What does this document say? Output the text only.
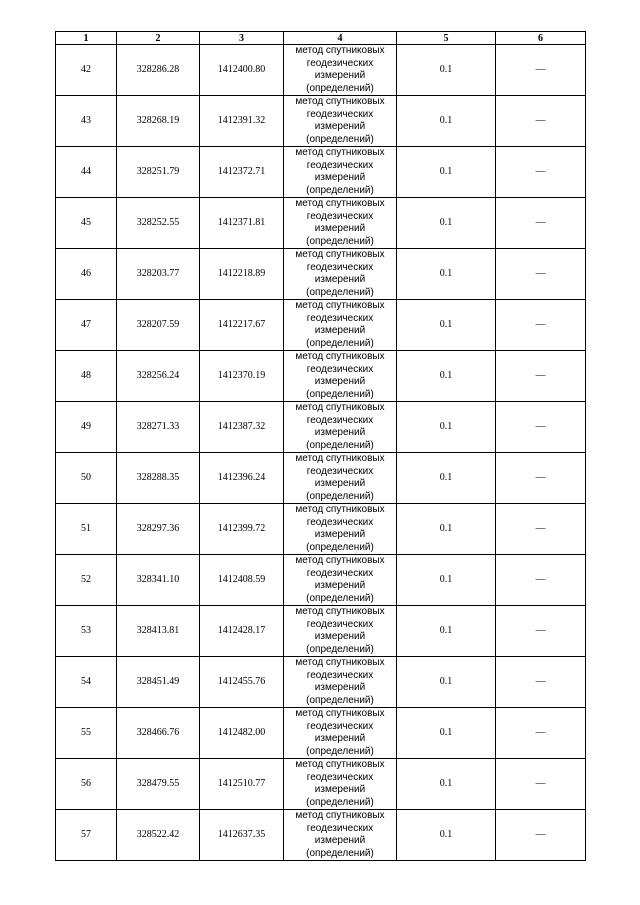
1	2	3	4	5	6
42	328286.28	1412400.80	метод спутниковых геодезических измерений (определений)	0.1	—
43	328268.19	1412391.32	метод спутниковых геодезических измерений (определений)	0.1	—
44	328251.79	1412372.71	метод спутниковых геодезических измерений (определений)	0.1	—
45	328252.55	1412371.81	метод спутниковых геодезических измерений (определений)	0.1	—
46	328203.77	1412218.89	метод спутниковых геодезических измерений (определений)	0.1	—
47	328207.59	1412217.67	метод спутниковых геодезических измерений (определений)	0.1	—
48	328256.24	1412370.19	метод спутниковых геодезических измерений (определений)	0.1	—
49	328271.33	1412387.32	метод спутниковых геодезических измерений (определений)	0.1	—
50	328288.35	1412396.24	метод спутниковых геодезических измерений (определений)	0.1	—
51	328297.36	1412399.72	метод спутниковых геодезических измерений (определений)	0.1	—
52	328341.10	1412408.59	метод спутниковых геодезических измерений (определений)	0.1	—
53	328413.81	1412428.17	метод спутниковых геодезических измерений (определений)	0.1	—
54	328451.49	1412455.76	метод спутниковых геодезических измерений (определений)	0.1	—
55	328466.76	1412482.00	метод спутниковых геодезических измерений (определений)	0.1	—
56	328479.55	1412510.77	метод спутниковых геодезических измерений (определений)	0.1	—
57	328522.42	1412637.35	метод спутниковых геодезических измерений (определений)	0.1	—
